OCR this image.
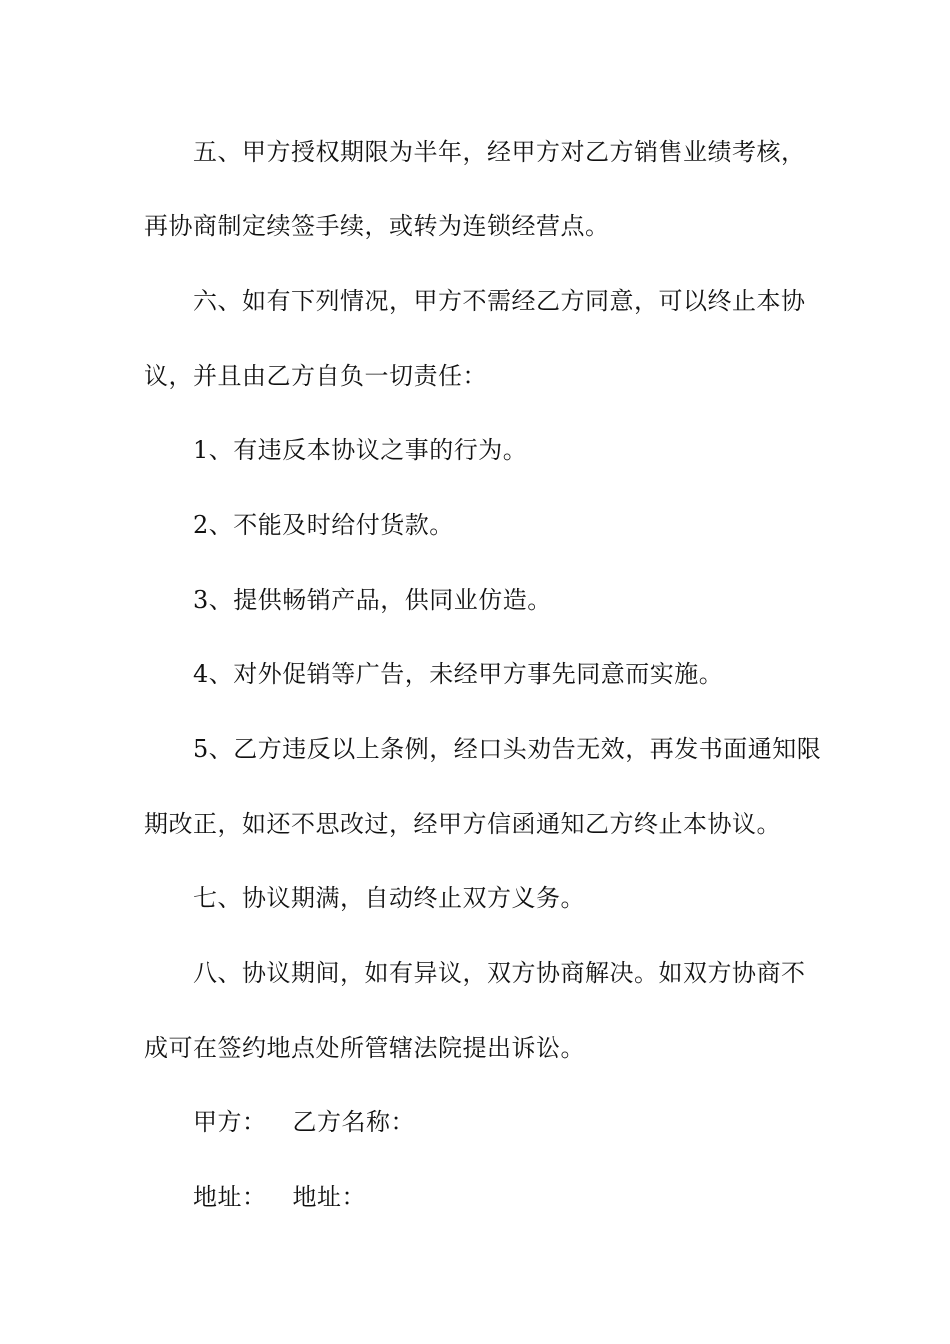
五、甲方授权期限为半年，经甲方对乙方销售业绩考核，
再协商制定续签手续，或转为连锁经营点。
六、如有下列情况，甲方不需经乙方同意，可以终止本协
议，并且由乙方自负一切责任：
1、有违反本协议之事的行为。
2、不能及时给付货款。
3、提供畅销产品，供同业仿造。
4、对外促销等广告，未经甲方事先同意而实施。
5、乙方违反以上条例，经口头劝告无效，再发书面通知限
期改正，如还不思改过，经甲方信函通知乙方终止本协议。
七、协议期满，自动终止双方义务。
八、协议期间，如有异议，双方协商解决。如双方协商不
成可在签约地点处所管辖法院提出诉讼。
甲方： 乙方名称：
地址： 地址：
